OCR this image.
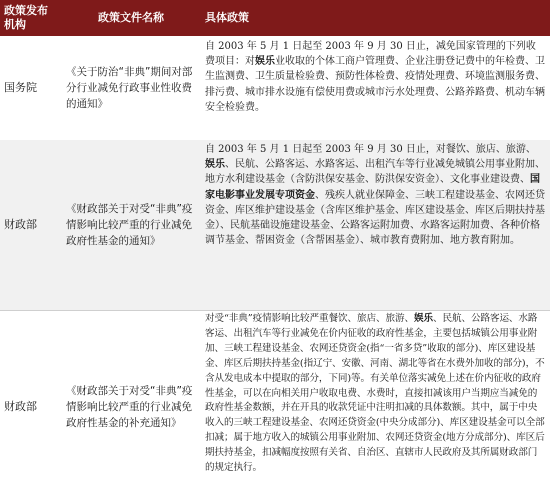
政策发布机构
政策文件名称	具体政策
国务院
《关于防治“非典”期间对部分行业减免行政事业性收费的通知》
自 2003 年 5 月 1 日起至 2003 年 9 月 30 日止，减免国家管理的下列收费项目：对娱乐业收取的个体工商户管理费、企业注册登记费中的年检费、卫生监测费、卫生质量检验费、预防性体检费、疫情处理费、环境监测服务费、排污费、城市排水设施有偿使用费或城市污水处理费、公路养路费、机动车辆安全检验费。
财政部
《财政部关于对受“非典”疫情影响比较严重的行业减免政府性基金的通知》
自 2003 年 5 月 1 日起至 2003 年 9 月 30 日止，对餐饮、旅店、旅游、娱乐、民航、公路客运、水路客运、出租汽车等行业减免城镇公用事业附加、地方水利建设基金（含防洪保安基金、防洪保安资金）、文化事业建设费、国家电影事业发展专项资金、残疾人就业保障金、三峡工程建设基金、农网还贷资金、库区维护建设基金（含库区维护基金、库区建设基金、库区后期扶持基金）、民航基础设施建设基金、公路客运附加费、水路客运附加费、各种价格调节基金、帮困资金（含帮困基金）、城市教育费附加、地方教育附加。
财政部
《财政部关于对受“非典”疫情影响比较严重的行业减免政府性基金的补充通知》
对受“非典”疫情影响比较严重餐饮、旅店、旅游、娱乐、民航、公路客运、水路客运、出租汽车等行业减免在价内征收的政府性基金，主要包括城镇公用事业附加、三峡工程建设基金、农网还贷资金(指“一省多贷”收取的部分)、库区建设基金、库区后期扶持基金(指辽宁、安徽、河南、湖北等省在水费外加收的部分)，不含从发电成本中提取的部分，下同)等。有关单位落实减免上述在价内征收的政府性基金，可以在向相关用户收取电费、水费时，直接扣减该用户当期应当减免的政府性基金数额，并在开具的收款凭证中注明扣减的具体数额。其中，属于中央收入的三峡工程建设基金、农网还贷资金(中央分成部分)、库区建设基金可以全部扣减；属于地方收入的城镇公用事业附加、农网还贷资金(地方分成部分)、库区后期扶持基金，扣减幅度按照有关省、自治区、直辖市人民政府及其所属财政部门的规定执行。
